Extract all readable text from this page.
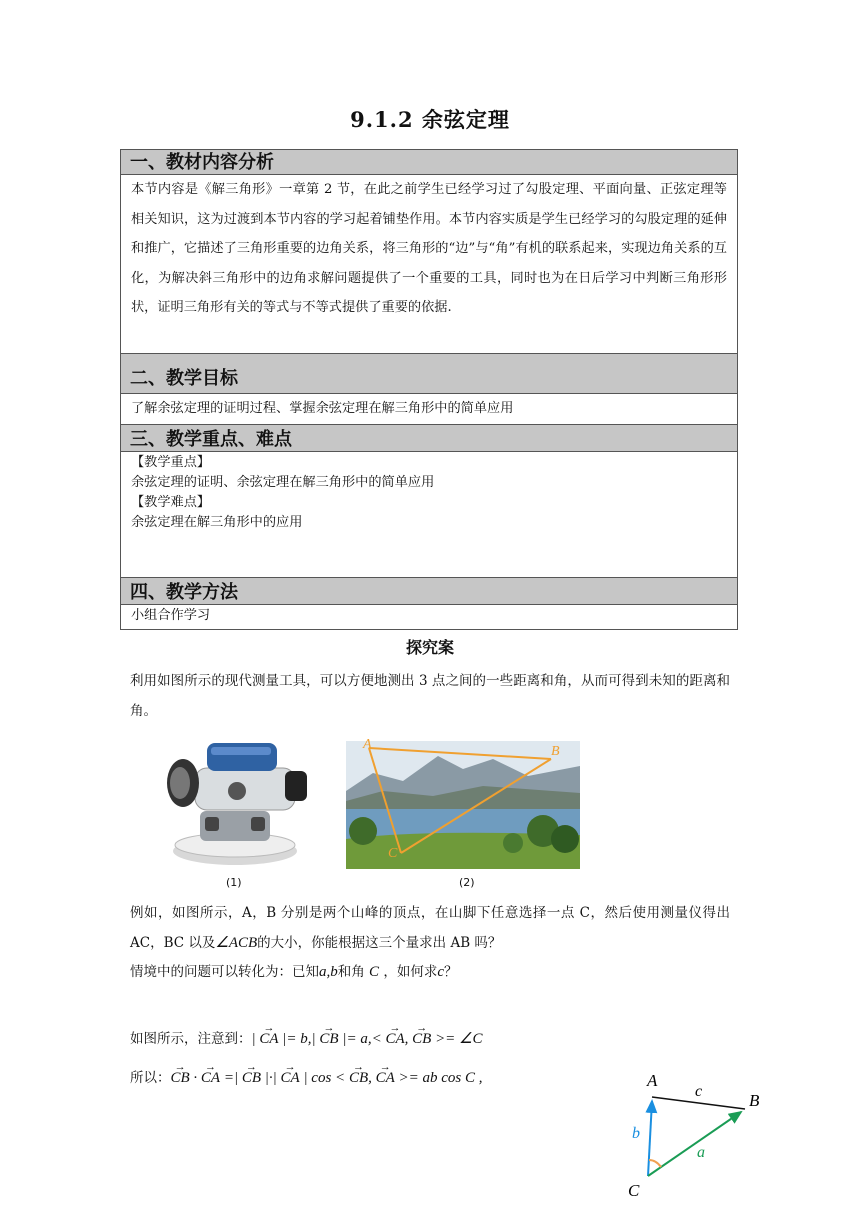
9.1.2 余弦定理
一、教材内容分析
本节内容是《解三角形》一章第 2 节，在此之前学生已经学习过了勾股定理、平面向量、正弦定理等相关知识，这为过渡到本节内容的学习起着铺垫作用。本节内容实质是学生已经学习的勾股定理的延伸和推广，它描述了三角形重要的边角关系，将三角形的“边”与“角”有机的联系起来，实现边角关系的互化，为解决斜三角形中的边角求解问题提供了一个重要的工具，同时也为在日后学习中判断三角形形状，证明三角形有关的等式与不等式提供了重要的依据.
二、教学目标
了解余弦定理的证明过程、掌握余弦定理在解三角形中的简单应用
三、教学重点、难点
【教学重点】
余弦定理的证明、余弦定理在解三角形中的简单应用
【教学难点】
余弦定理在解三角形中的应用
四、教学方法
小组合作学习
探究案
利用如图所示的现代测量工具，可以方便地测出 3 点之间的一些距离和角，从而可得到未知的距离和角。
(1)
A	B
C
(2)
例如，如图所示，A，B 分别是两个山峰的顶点，在山脚下任意选择一点 C，然后使用测量仪得出 AC，BC 以及∠ACB的大小，你能根据这三个量求出 AB 吗？
情境中的问题可以转化为：已知a,b和角 C ，如何求c？
如图所示，注意到：| → CA |= b,| → CB |= a,< → CA, → CB >= ∠C
所以：→ CB · → CA =| → CB |·| → CA | cos < → CB, → CA >= ab cos C ,	A
B
C
c
b
a
